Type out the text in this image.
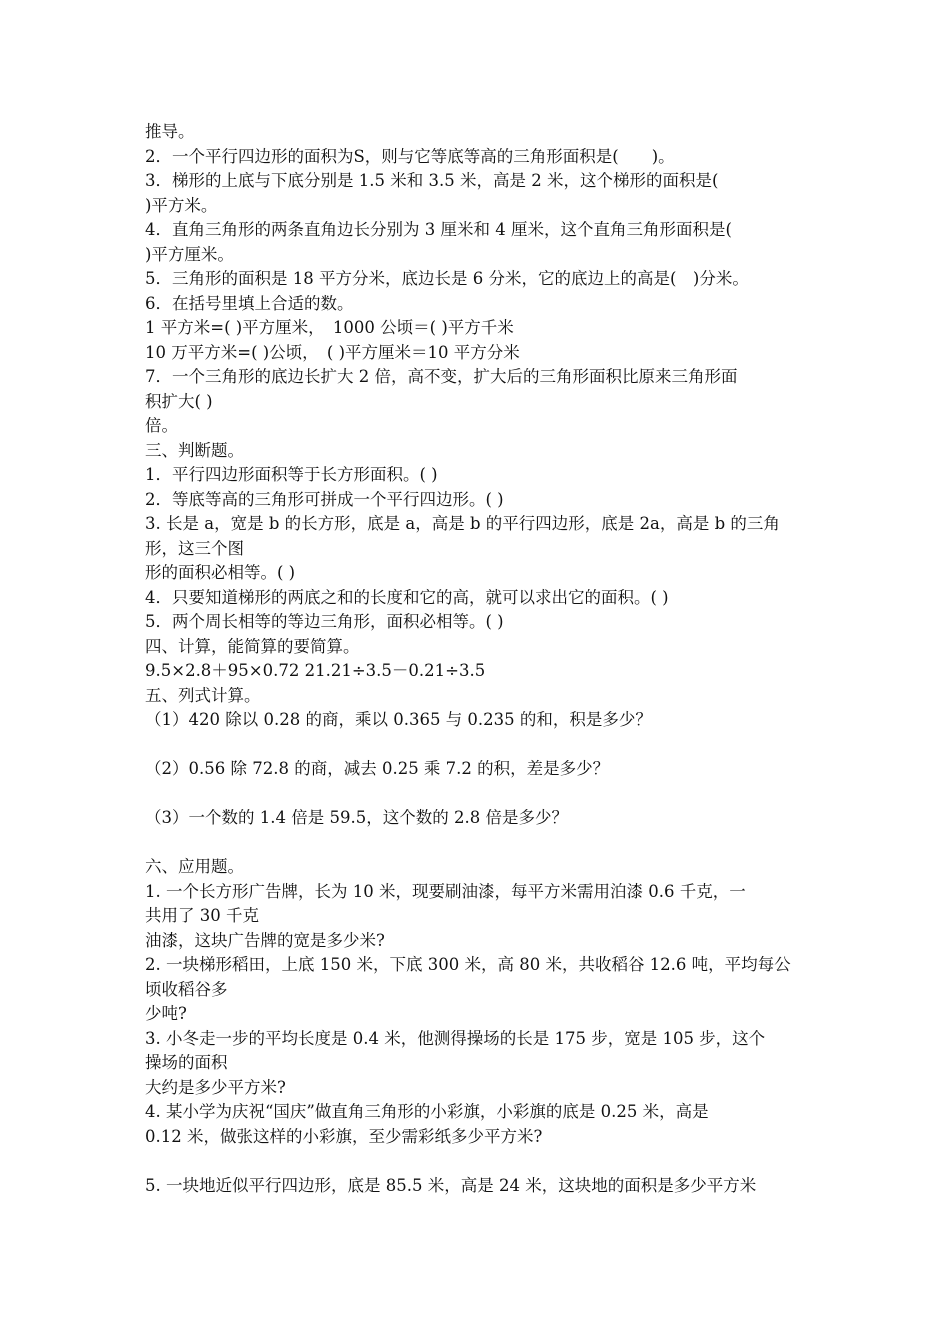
推导。
2．一个平行四边形的面积为S，则与它等底等高的三角形面积是(　　)。
3．梯形的上底与下底分别是 1.5 米和 3.5 米，高是 2 米，这个梯形的面积是(
)平方米。
4．直角三角形的两条直角边长分别为 3 厘米和 4 厘米，这个直角三角形面积是(
)平方厘米。
5．三角形的面积是 18 平方分米，底边长是 6 分米，它的底边上的高是(　)分米。
6．在括号里填上合适的数。
1 平方米=( )平方厘米，　1000 公顷＝( )平方千米
10 万平方米=( )公顷，　( )平方厘米＝10 平方分米
7．一个三角形的底边长扩大 2 倍，高不变，扩大后的三角形面积比原来三角形面
积扩大( )
倍。
三、判断题。
1．平行四边形面积等于长方形面积。( )
2．等底等高的三角形可拼成一个平行四边形。( )
3. 长是 a，宽是 b 的长方形，底是 a，高是 b 的平行四边形，底是 2a，高是 b 的三角
形，这三个图
形的面积必相等。( )
4．只要知道梯形的两底之和的长度和它的高，就可以求出它的面积。( )
5．两个周长相等的等边三角形，面积必相等。( )
四、计算，能简算的要简算。
9.5×2.8＋95×0.72 21.21÷3.5－0.21÷3.5
五、列式计算。
（1）420 除以 0.28 的商，乘以 0.365 与 0.235 的和，积是多少？
（2）0.56 除 72.8 的商，减去 0.25 乘 7.2 的积，差是多少？
（3）一个数的 1.4 倍是 59.5，这个数的 2.8 倍是多少？
六、应用题。
1. 一个长方形广告牌，长为 10 米，现要刷油漆，每平方米需用泊漆 0.6 千克，一
共用了 30 千克
油漆，这块广告牌的宽是多少米?
2. 一块梯形稻田，上底 150 米，下底 300 米，高 80 米，共收稻谷 12.6 吨，平均每公
顷收稻谷多
少吨?
3. 小冬走一步的平均长度是 0.4 米，他测得操场的长是 175 步，宽是 105 步，这个
操场的面积
大约是多少平方米?
4. 某小学为庆祝“国庆”做直角三角形的小彩旗，小彩旗的底是 0.25 米，高是
0.12 米，做张这样的小彩旗，至少需彩纸多少平方米?
5. 一块地近似平行四边形，底是 85.5 米，高是 24 米，这块地的面积是多少平方米
